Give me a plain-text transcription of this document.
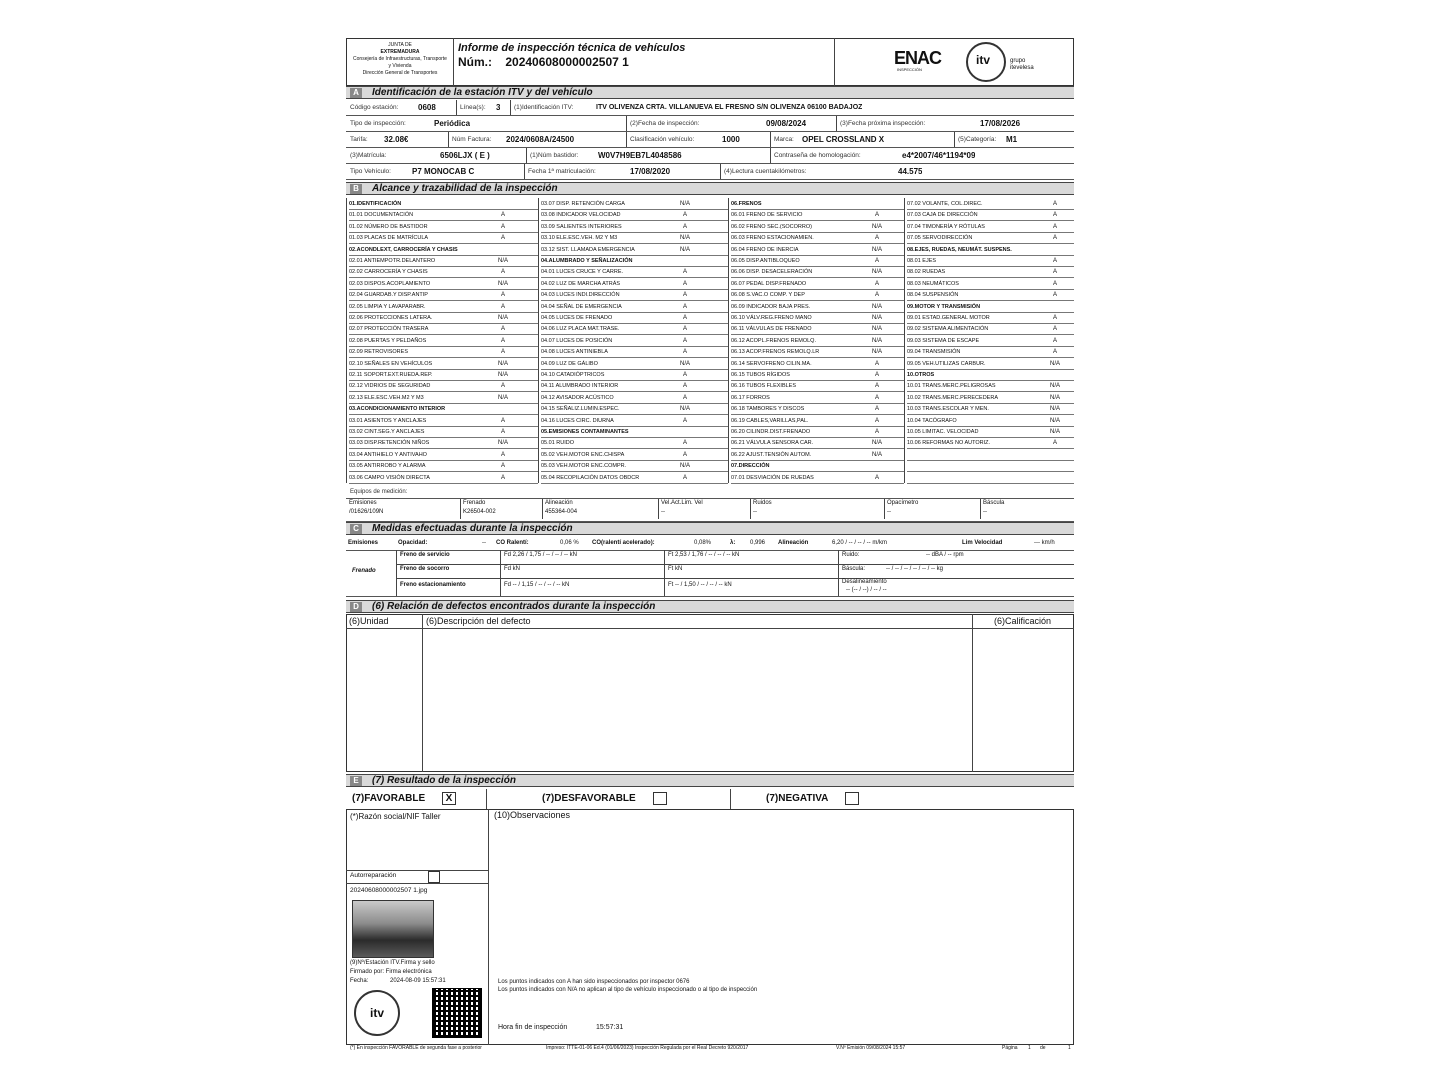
JUNTA DE
EXTREMADURA
Consejería de Infraestructuras, Transporte
y Vivienda
Dirección General de Transportes
Informe de inspección técnica de vehículos
Núm.: 20240608000002507 1	ENAC
INSPECCIÓN
itv	grupo
itevelesa
A	Identificación de la estación ITV y del vehículo
Código estación: 0608	Línea(s): 3 (1)Identificación ITV:	ITV OLIVENZA CRTA. VILLANUEVA EL FRESNO S/N OLIVENZA 06100 BADAJOZ
Tipo de inspección:	Periódica	(2)Fecha de inspección:	09/08/2024	(3)Fecha próxima inspección:	17/08/2026
Tarifa: 32.08€	Núm Factura: 2024/0608A/24500	Clasificación vehículo:	1000	Marca: OPEL CROSSLAND X	(5)Categoría: M1
(3)Matrícula:	6506LJX ( E )	(1)Núm bastidor: W0V7H9EB7L4048586	Contraseña de homologación:	e4*2007/46*1194*09
Tipo Vehículo:	P7 MONOCAB C	Fecha 1ª matriculación:	17/08/2020	(4)Lectura cuentakilómetros:	44.575
B	Alcance y trazabilidad de la inspección
01.IDENTIFICACIÓN
01.01 DOCUMENTACIÓN	A
01.02 NÚMERO DE BASTIDOR	A
01.03 PLACAS DE MATRÍCULA	A
02.ACONDLEXT, CARROCERÍA Y CHASIS
02.01 ANTIEMPOTR.DELANTERO	N/A
02.02 CARROCERÍA Y CHASIS	A
02.03 DISPOS.ACOPLAMIENTO	N/A
02.04 GUARDAB.Y DISP.ANTIP	A
02.05 LIMPIA Y LAVAPARABR.	A
02.06 PROTECCIONES LATERA.	N/A
02.07 PROTECCIÓN TRASERA	A
02.08 PUERTAS Y PELDAÑOS	A
02.09 RETROVISORES	A
02.10 SEÑALES EN VEHÍCULOS	N/A
02.11 SOPORT.EXT.RUEDA.REP.	N/A
02.12 VIDRIOS DE SEGURIDAD	A
02.13 ELE.ESC.VEH.M2 Y M3	N/A
03.ACONDICIONAMIENTO INTERIOR
03.01 ASIENTOS Y ANCLAJES	A
03.02 CINT.SEG.Y ANCLAJES	A
03.03 DISP.RETENCIÓN NIÑOS	N/A
03.04 ANTIHIELO Y ANTIVAHO	A
03.05 ANTIRROBO Y ALARMA	A
03.06 CAMPO VISIÓN DIRECTA	A
03.07 DISP. RETENCIÓN CARGA	N/A
03.08 INDICADOR VELOCIDAD	A
03.09 SALIENTES INTERIORES	A
03.10 ELE.ESC.VEH. M2 Y M3	N/A
03.12 SIST. LLAMADA EMERGENCIA	N/A
04.ALUMBRADO Y SEÑALIZACIÓN
04.01 LUCES CRUCE Y CARRE.	A
04.02 LUZ DE MARCHA ATRÁS	A
04.03 LUCES INDI.DIRECCIÓN	A
04.04 SEÑAL DE EMERGENCIA	A
04.05 LUCES DE FRENADO	A
04.06 LUZ PLACA MAT.TRASE.	A
04.07 LUCES DE POSICIÓN	A
04.08 LUCES ANTINIEBLA	A
04.09 LUZ DE GÁLIBO	N/A
04.10 CATADIÓPTRICOS	A
04.11 ALUMBRADO INTERIOR	A
04.12 AVISADOR ACÚSTICO	A
04.15 SEÑALIZ.LUMIN.ESPEC.	N/A
04.16 LUCES CIRC. DIURNA	A
05.EMISIONES CONTAMINANTES
05.01 RUIDO	A
05.02 VEH.MOTOR ENC.CHISPA	A
05.03 VEH.MOTOR ENC.COMPR.	N/A
05.04 RECOPILACIÓN DATOS OBDCR	A
06.FRENOS
06.01 FRENO DE SERVICIO	A
06.02 FRENO SEC.(SOCORRO)	N/A
06.03 FRENO ESTACIONAMIEN.	A
06.04 FRENO DE INERCIA	N/A
06.05 DISP.ANTIBLOQUEO	A
06.06 DISP. DESACELERACIÓN	N/A
06.07 PEDAL DISP.FRENADO	A
06.08 S.VAC.O COMP. Y DEP	A
06.09 INDICADOR BAJA PRES.	N/A
06.10 VÁLV.REG.FRENO MANO	N/A
06.11 VÁLVULAS DE FRENADO	N/A
06.12 ACOPL.FRENOS REMOLQ.	N/A
06.13 ACOP.FRENOS REMOLQ.LR	N/A
06.14 SERVOFRENO CILIN.MA.	A
06.15 TUBOS RÍGIDOS	A
06.16 TUBOS FLEXIBLES	A
06.17 FORROS	A
06.18 TAMBORES Y DISCOS	A
06.19 CABLES,VARILLAS,PAL.	A
06.20 CILINDR.DIST.FRENADO	A
06.21 VÁLVULA SENSORA CAR.	N/A
06.22 AJUST.TENSIÓN AUTOM.	N/A
07.DIRECCIÓN
07.01 DESVIACIÓN DE RUEDAS	A
07.02 VOLANTE, COL.DIREC.	A
07.03 CAJA DE DIRECCIÓN	A
07.04 TIMONERÍA Y RÓTULAS	A
07.05 SERVODIRECCIÓN	A
08.EJES, RUEDAS, NEUMÁT. SUSPENS.
08.01 EJES	A
08.02 RUEDAS	A
08.03 NEUMÁTICOS	A
08.04 SUSPENSIÓN	A
09.MOTOR Y TRANSMISIÓN
09.01 ESTAD.GENERAL MOTOR	A
09.02 SISTEMA ALIMENTACIÓN	A
09.03 SISTEMA DE ESCAPE	A
09.04 TRANSMISIÓN	A
09.05 VEH.UTILIZAS CARBUR.	N/A
10.OTROS
10.01 TRANS.MERC.PELIGROSAS	N/A
10.02 TRANS.MERC.PERECEDERA	N/A
10.03 TRANS.ESCOLAR Y MEN.	N/A
10.04 TACÓGRAFO	N/A
10.05 LIMITAC. VELOCIDAD	N/A
10.06 REFORMAS NO AUTORIZ.	A
Equipos de medición:
Emisiones
/01626/109N
Frenado
K26504-002
Alineación
455364-004
Vel.Act.Lim. Vel
--
Ruidos
--
Opacímetro
--
Báscula
--
C	Medidas efectuadas durante la inspección
Emisiones	Opacidad:	-- CO Ralentí:	0,06 % CO(ralentí acelerado):	0,08%	λ: 0,996 Alineación	6,20 / -- / -- / -- m/km	Lim Velocidad	--- km/h
Frenado
Freno de servicio	Fd 2,26 / 1,75 / -- / -- / -- kN	Ft 2,53 / 1,76 / -- / -- / -- kN
Freno de socorro	Fd kN	Ft kN
Freno estacionamiento	Fd -- / 1,15 / -- / -- / -- kN	Ft -- / 1,50 / -- / -- / -- kN
Ruido:	-- dBA / -- rpm
Báscula:	-- / -- / -- / -- / -- / -- kg
Desalineamiento
-- (-- / --) / -- / --
D	(6) Relación de defectos encontrados durante la inspección
(6)Unidad	(6)Descripción del defecto	(6)Calificación
E	(7) Resultado de la inspección
(7)FAVORABLE X	(7)DESFAVORABLE	(7)NEGATIVA
(*)Razón social/NIF Taller	(10)Observaciones
Autorreparación
20240608000002507 1.jpg
(9)Nº/Estación ITV.Firma y sello
Firmado por: Firma electrónica
Fecha:	2024-08-09 15:57:31
itv
Los puntos indicados con A han sido inspeccionados por inspector 0676
Los puntos indicados con N/A no aplican al tipo de vehículo inspeccionado o al tipo de inspección
Hora fin de inspección	15:57:31
(*) En inspección FAVORABLE de segunda fase a posterior	Impreso: ITTE-01-06 Ed.4 (01/06/2023) Inspección Regulada por el Real Decreto 920/2017	V.Nº Emisión 09/08/2024 15:57	Página 1 de	1
